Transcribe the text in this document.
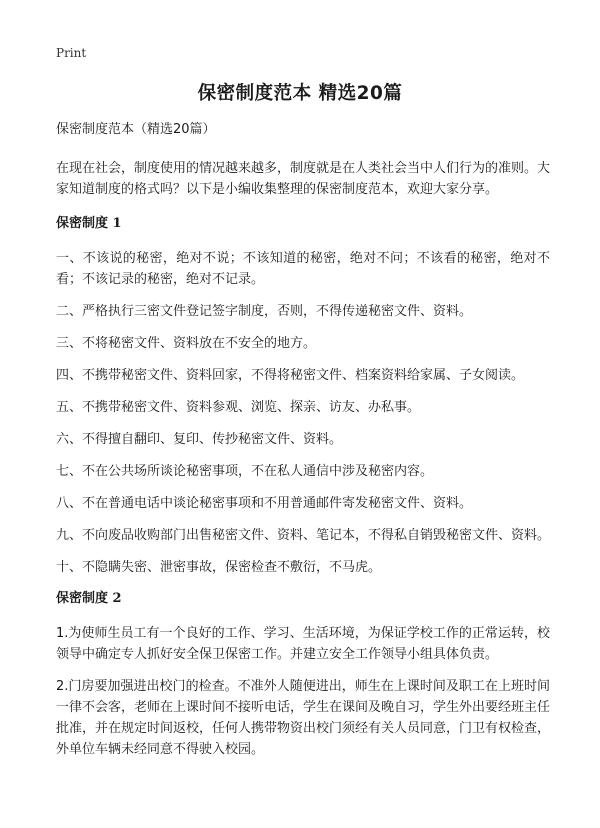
Print
保密制度范本 精选20篇

保密制度范本（精选20篇）

在现在社会，制度使用的情况越来越多，制度就是在人类社会当中人们行为的准则。大家知道制度的格式吗？以下是小编收集整理的保密制度范本，欢迎大家分享。

保密制度 1

一、不该说的秘密，绝对不说；不该知道的秘密，绝对不问；不该看的秘密，绝对不看；不该记录的秘密，绝对不记录。

二、严格执行三密文件登记签字制度，否则，不得传递秘密文件、资料。

三、不将秘密文件、资料放在不安全的地方。

四、不携带秘密文件、资料回家，不得将秘密文件、档案资料给家属、子女阅读。

五、不携带秘密文件、资料参观、浏览、探亲、访友、办私事。

六、不得擅自翻印、复印、传抄秘密文件、资料。

七、不在公共场所谈论秘密事项，不在私人通信中涉及秘密内容。

八、不在普通电话中谈论秘密事项和不用普通邮件寄发秘密文件、资料。

九、不向废品收购部门出售秘密文件、资料、笔记本，不得私自销毁秘密文件、资料。

十、不隐瞒失密、泄密事故，保密检查不敷衍，不马虎。

保密制度 2

1.为使师生员工有一个良好的工作、学习、生活环境，为保证学校工作的正常运转，校领导中确定专人抓好安全保卫保密工作。并建立安全工作领导小组具体负责。

2.门房要加强进出校门的检查。不准外人随便进出，师生在上课时间及职工在上班时间一律不会客，老师在上课时间不接听电话，学生在课间及晚自习，学生外出要经班主任批准，并在规定时间返校，任何人携带物资出校门须经有关人员同意，门卫有权检查，外单位车辆未经同意不得驶入校园。
